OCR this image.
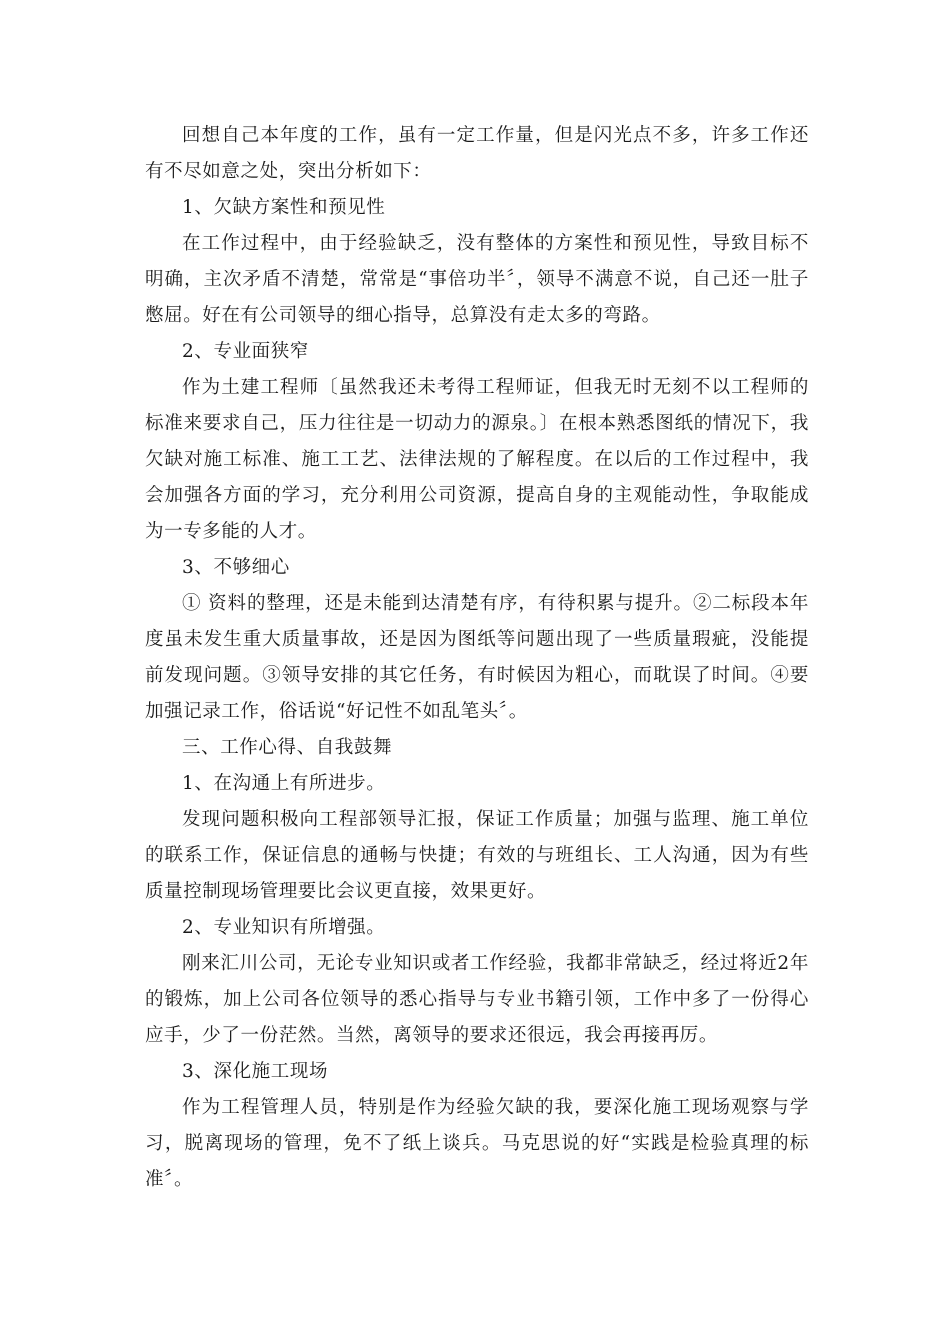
回想自己本年度的工作，虽有一定工作量，但是闪光点不多，许多工作还有不尽如意之处，突出分析如下：

1、欠缺方案性和预见性

在工作过程中，由于经验缺乏，没有整体的方案性和预见性，导致目标不明确，主次矛盾不清楚，常常是“事倍功半〞，领导不满意不说，自己还一肚子憋屈。好在有公司领导的细心指导，总算没有走太多的弯路。

2、专业面狭窄

作为土建工程师〔虽然我还未考得工程师证，但我无时无刻不以工程师的标准来要求自己，压力往往是一切动力的源泉。〕在根本熟悉图纸的情况下，我欠缺对施工标准、施工工艺、法律法规的了解程度。在以后的工作过程中，我会加强各方面的学习，充分利用公司资源，提高自身的主观能动性，争取能成为一专多能的人才。

3、不够细心

① 资料的整理，还是未能到达清楚有序，有待积累与提升。②二标段本年度虽未发生重大质量事故，还是因为图纸等问题出现了一些质量瑕疵，没能提前发现问题。③领导安排的其它任务，有时候因为粗心，而耽误了时间。④要加强记录工作，俗话说“好记性不如乱笔头〞。

三、工作心得、自我鼓舞

1、在沟通上有所进步。

发现问题积极向工程部领导汇报，保证工作质量；加强与监理、施工单位的联系工作，保证信息的通畅与快捷；有效的与班组长、工人沟通，因为有些质量控制现场管理要比会议更直接，效果更好。

2、专业知识有所增强。

刚来汇川公司，无论专业知识或者工作经验，我都非常缺乏，经过将近2年的锻炼，加上公司各位领导的悉心指导与专业书籍引领，工作中多了一份得心应手，少了一份茫然。当然，离领导的要求还很远，我会再接再厉。

3、深化施工现场

作为工程管理人员，特别是作为经验欠缺的我，要深化施工现场观察与学习，脱离现场的管理，免不了纸上谈兵。马克思说的好“实践是检验真理的标准〞。
